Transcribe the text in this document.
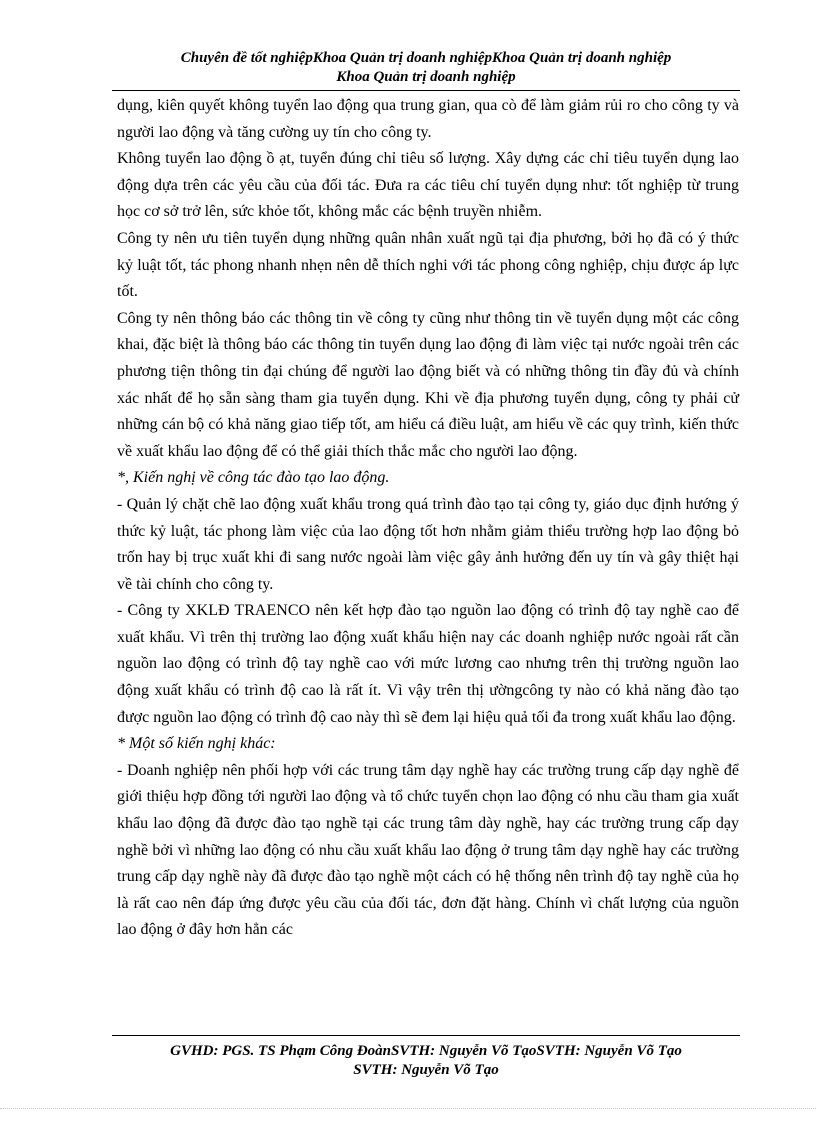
Chuyên đề tốt nghiệpKhoa Quản trị doanh nghiệpKhoa Quản trị doanh nghiệp
Khoa Quản trị doanh nghiệp

dụng, kiên quyết không tuyển lao động qua trung gian, qua cò để làm giảm rủi ro cho công ty và người lao động và tăng cường uy tín cho công ty.

Không tuyển lao động ồ ạt, tuyển đúng chỉ tiêu số lượng. Xây dựng các chỉ tiêu tuyển dụng lao động dựa trên các yêu cầu của đối tác. Đưa ra các tiêu chí tuyển dụng như: tốt nghiệp từ trung học cơ sở trở lên, sức khỏe tốt, không mắc các bệnh truyền nhiễm.

Công ty nên ưu tiên tuyển dụng những quân nhân xuất ngũ tại địa phương, bởi họ đã có ý thức kỷ luật tốt, tác phong nhanh nhẹn nên dễ thích nghi với tác phong công nghiệp, chịu được áp lực tốt.

Công ty nên thông báo các thông tin về công ty cũng như thông tin về tuyển dụng một các công khai, đặc biệt là thông báo các thông tin tuyển dụng lao động đi làm việc tại nước ngoài trên các phương tiện thông tin đại chúng để người lao động biết và có những thông tin đầy đủ và chính xác nhất để họ sẵn sàng tham gia tuyển dụng. Khi về địa phương tuyển dụng, công ty phải cử những cán bộ có khả năng giao tiếp tốt, am hiểu cá điều luật, am hiểu về các quy trình, kiến thức về xuất khẩu lao động để có thể giải thích thắc mắc cho người lao động.

*, Kiến nghị về công tác đào tạo lao động.

- Quản lý chặt chẽ lao động xuất khẩu trong quá trình đào tạo tại công ty, giáo dục định hướng ý thức kỷ luật, tác phong làm việc của lao động tốt hơn nhằm giảm thiểu trường hợp lao động bỏ trốn hay bị trục xuất khi đi sang nước ngoài làm việc gây ảnh hưởng đến uy tín và gây thiệt hại về tài chính cho công ty.

- Công ty XKLĐ TRAENCO nên kết hợp đào tạo nguồn lao động có trình độ tay nghề cao để xuất khẩu. Vì trên thị trường lao động xuất khẩu hiện nay các doanh nghiệp nước ngoài rất cần nguồn lao động có trình độ tay nghề cao với mức lương cao nhưng trên thị trường nguồn lao động xuất khẩu có trình độ cao là rất ít. Vì vậy trên thị ườngcông ty nào có khả năng đào tạo được nguồn lao động có trình độ cao này thì sẽ đem lại hiệu quả tối đa trong xuất khẩu lao động.

* Một số kiến nghị khác:

- Doanh nghiệp nên phối hợp với các trung tâm dạy nghề hay các trường trung cấp dạy nghề để giới thiệu hợp đồng tới người lao động và tổ chức tuyển chọn lao động có nhu cầu tham gia xuất khẩu lao động đã được đào tạo nghề tại các trung tâm dày nghề, hay các trường trung cấp dạy nghề bởi vì những lao động có nhu cầu xuất khẩu lao động ở trung tâm dạy nghề hay các trường trung cấp dạy nghề này đã được đào tạo nghề một cách có hệ thống nên trình độ tay nghề của họ là rất cao nên đáp ứng được yêu cầu của đối tác, đơn đặt hàng. Chính vì chất lượng của nguồn lao động ở đây hơn hẳn các

GVHD: PGS. TS Phạm Công ĐoànSVTH: Nguyễn Võ TạoSVTH: Nguyễn Võ Tạo
SVTH: Nguyễn Võ Tạo
